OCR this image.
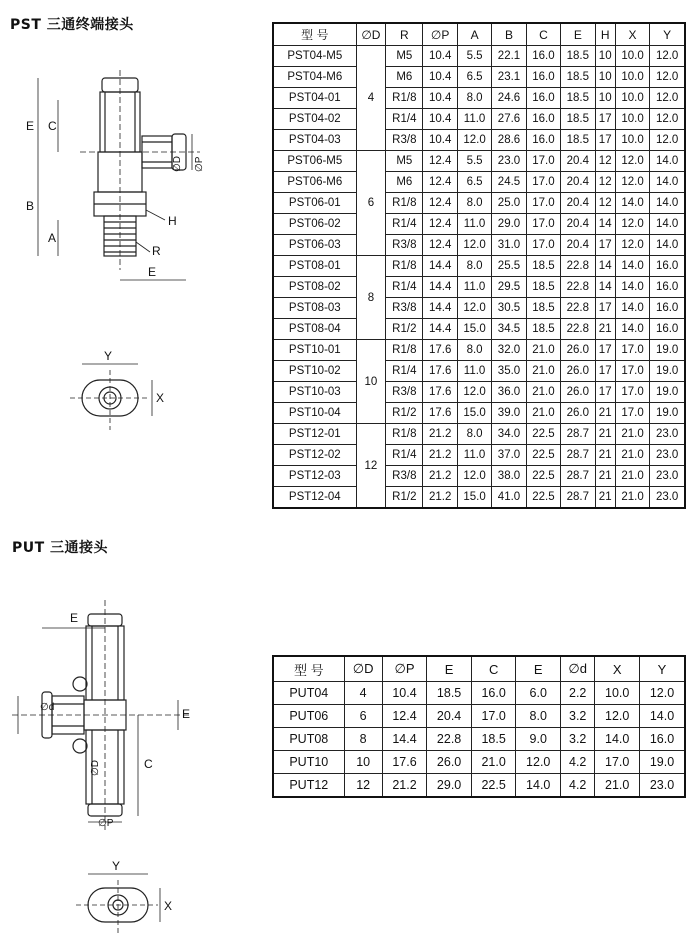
PST 三通终端接头
PUT 三通接头
E C
B
A
H
R
∅D ∅P
E
Y
X
E
C
E
∅d
∅D
∅P
Y
X
型 号	∅D	R	∅P	A	B	C	E	H	X	Y
PST04-M5	4	M5	10.4	5.5	22.1	16.0	18.5	10	10.0	12.0
PST04-M6		M6	10.4	6.5	23.1	16.0	18.5	10	10.0	12.0
PST04-01		R1/8	10.4	8.0	24.6	16.0	18.5	10	10.0	12.0
PST04-02		R1/4	10.4	11.0	27.6	16.0	18.5	17	10.0	12.0
PST04-03		R3/8	10.4	12.0	28.6	16.0	18.5	17	10.0	12.0
PST06-M5	6	M5	12.4	5.5	23.0	17.0	20.4	12	12.0	14.0
PST06-M6		M6	12.4	6.5	24.5	17.0	20.4	12	12.0	14.0
PST06-01		R1/8	12.4	8.0	25.0	17.0	20.4	12	14.0	14.0
PST06-02		R1/4	12.4	11.0	29.0	17.0	20.4	14	12.0	14.0
PST06-03		R3/8	12.4	12.0	31.0	17.0	20.4	17	12.0	14.0
PST08-01	8	R1/8	14.4	8.0	25.5	18.5	22.8	14	14.0	16.0
PST08-02		R1/4	14.4	11.0	29.5	18.5	22.8	14	14.0	16.0
PST08-03		R3/8	14.4	12.0	30.5	18.5	22.8	17	14.0	16.0
PST08-04		R1/2	14.4	15.0	34.5	18.5	22.8	21	14.0	16.0
PST10-01	10	R1/8	17.6	8.0	32.0	21.0	26.0	17	17.0	19.0
PST10-02		R1/4	17.6	11.0	35.0	21.0	26.0	17	17.0	19.0
PST10-03		R3/8	17.6	12.0	36.0	21.0	26.0	17	17.0	19.0
PST10-04		R1/2	17.6	15.0	39.0	21.0	26.0	21	17.0	19.0
PST12-01	12	R1/8	21.2	8.0	34.0	22.5	28.7	21	21.0	23.0
PST12-02		R1/4	21.2	11.0	37.0	22.5	28.7	21	21.0	23.0
PST12-03		R3/8	21.2	12.0	38.0	22.5	28.7	21	21.0	23.0
PST12-04		R1/2	21.2	15.0	41.0	22.5	28.7	21	21.0	23.0
型 号	∅D	∅P	E	C	E	∅d	X	Y
PUT04	4	10.4	18.5	16.0	6.0	2.2	10.0	12.0
PUT06	6	12.4	20.4	17.0	8.0	3.2	12.0	14.0
PUT08	8	14.4	22.8	18.5	9.0	3.2	14.0	16.0
PUT10	10	17.6	26.0	21.0	12.0	4.2	17.0	19.0
PUT12	12	21.2	29.0	22.5	14.0	4.2	21.0	23.0
